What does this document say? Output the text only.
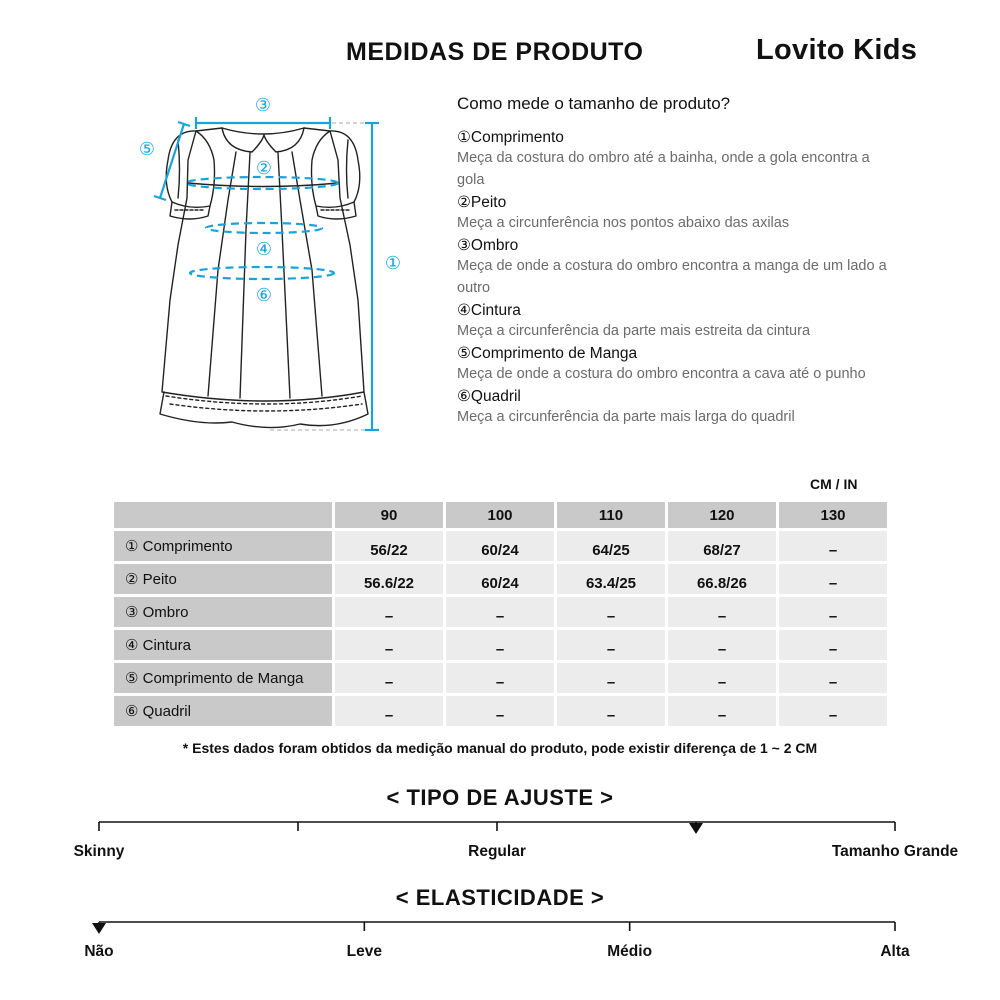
MEDIDAS DE PRODUTO	Lovito Kids
③
⑤
②
④
⑥
①
Como mede o tamanho de produto?
①Comprimento
Meça da costura do ombro até a bainha, onde a gola encontra a gola
②Peito
Meça a circunferência nos pontos abaixo das axilas
③Ombro
Meça de onde a costura do ombro encontra a manga de um lado a outro
④Cintura
Meça a circunferência da parte mais estreita da cintura
⑤Comprimento de Manga
Meça de onde a costura do ombro encontra a cava até o punho
⑥Quadril
Meça a circunferência da parte mais larga do quadril
CM / IN
	90	100	110	120	130
① Comprimento	56/22	60/24	64/25	68/27	–
② Peito	56.6/22	60/24	63.4/25	66.8/26	–
③ Ombro	–	–	–	–	–
④ Cintura	–	–	–	–	–
⑤ Comprimento de Manga	–	–	–	–	–
⑥ Quadril	–	–	–	–	–
* Estes dados foram obtidos da medição manual do produto, pode existir diferença de 1 ~ 2 CM
< TIPO DE AJUSTE >
Skinny	Regular	Tamanho Grande
< ELASTICIDADE >
Não	Leve	Médio	Alta
